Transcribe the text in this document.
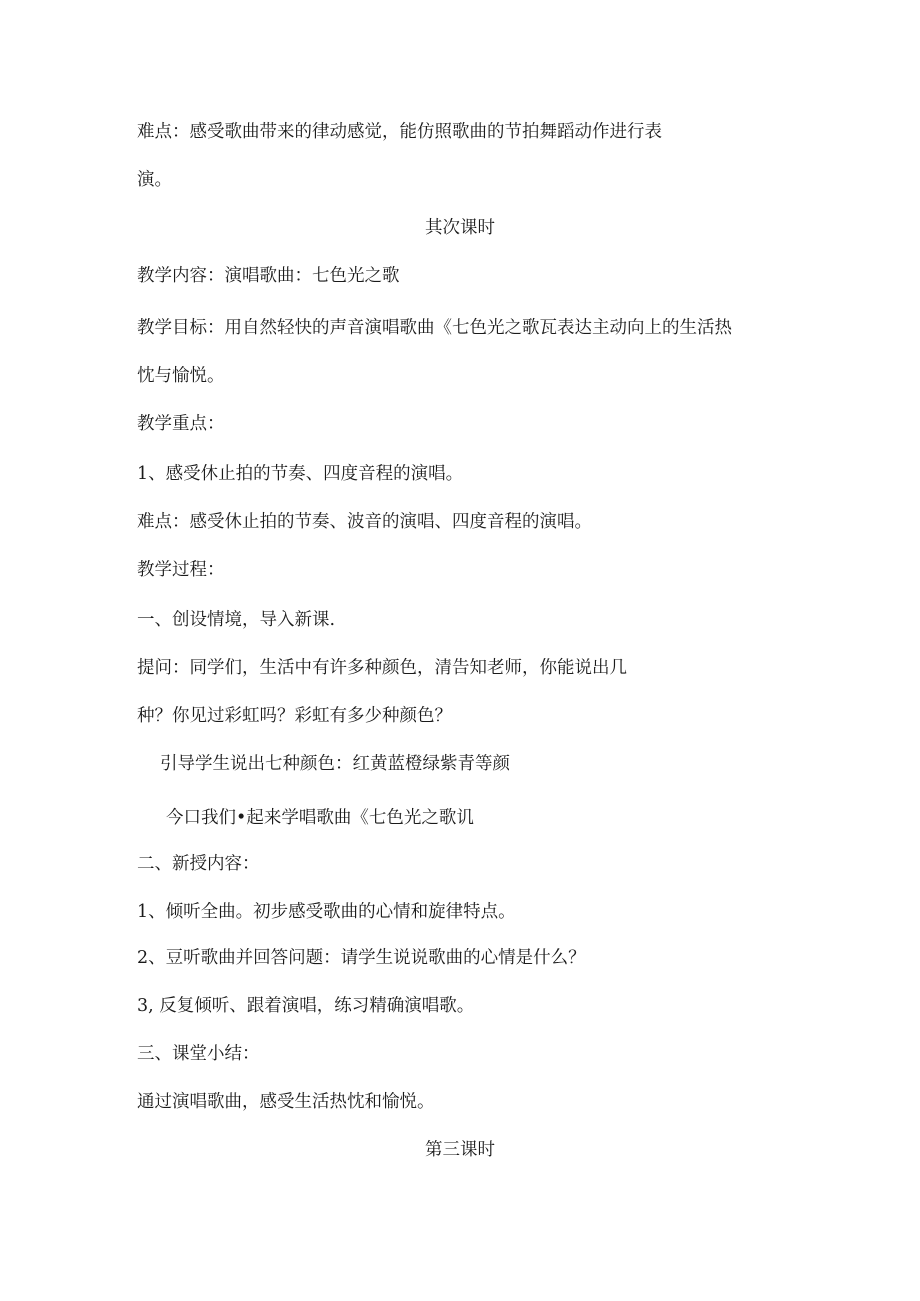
难点：感受歌曲带来的律动感觉，能仿照歌曲的节拍舞蹈动作进行表
演。
其次课时
教学内容：演唱歌曲：七色光之歌
教学目标：用自然轻快的声音演唱歌曲《七色光之歌瓦表达主动向上的生活热
忱与愉悦。
教学重点：
1、感受休止拍的节奏、四度音程的演唱。
难点：感受休止拍的节奏、波音的演唱、四度音程的演唱。
教学过程：
一、创设情境，导入新课.
提问：同学们，生活中有许多种颜色，清告知老师，你能说出几
种？你见过彩虹吗？彩虹有多少种颜色？
引导学生说出七种颜色：红黄蓝橙绿紫青等颜
今口我们•起来学唱歌曲《七色光之歌讥
二、新授内容：
1、倾听全曲。初步感受歌曲的心情和旋律特点。
2、豆听歌曲并回答问题：请学生说说歌曲的心情是什么？
3, 反复倾听、跟着演唱，练习精确演唱歌。
三、课堂小结：
通过演唱歌曲，感受生活热忱和愉悦。
第三课时
